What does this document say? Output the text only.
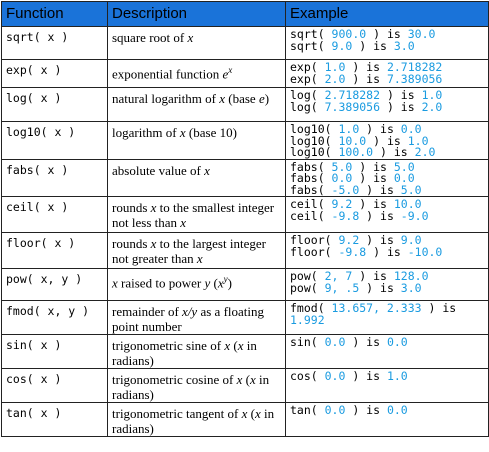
Function	Description	Example
sqrt( x )	square root of x	sqrt( 900.0 ) is 30.0
sqrt( 9.0 ) is 3.0

exp( x )	exponential function $e^x$	exp( 1.0 ) is 2.718282
exp( 2.0 ) is 7.389056

log( x )	natural logarithm of x (base e)	log( 2.718282 ) is 1.0
log( 7.389056 ) is 2.0

log10( x )	logarithm of x (base 10)	log10( 1.0 ) is 0.0
log10( 10.0 ) is 1.0
log10( 100.0 ) is 2.0

fabs( x )	absolute value of x	fabs( 5.0 ) is 5.0
fabs( 0.0 ) is 0.0
fabs( -5.0 ) is 5.0

ceil( x )	rounds x to the smallest integer not less than x	ceil( 9.2 ) is 10.0
ceil( -9.8 ) is -9.0

floor( x )	rounds x to the largest integer not greater than x	floor( 9.2 ) is 9.0
floor( -9.8 ) is -10.0

pow( x, y )	x raised to power y $(x^y)$	pow( 2, 7 ) is 128.0
pow( 9, .5 ) is 3.0

fmod( x, y )	remainder of x/y as a floating point number	fmod( 13.657, 2.333 ) is
1.992

sin( x )	trigonometric sine of x (x in radians)	sin( 0.0 ) is 0.0

cos( x )	trigonometric cosine of x (x in radians)	cos( 0.0 ) is 1.0

tan( x )	trigonometric tangent of x (x in radians)	tan( 0.0 ) is 0.0
